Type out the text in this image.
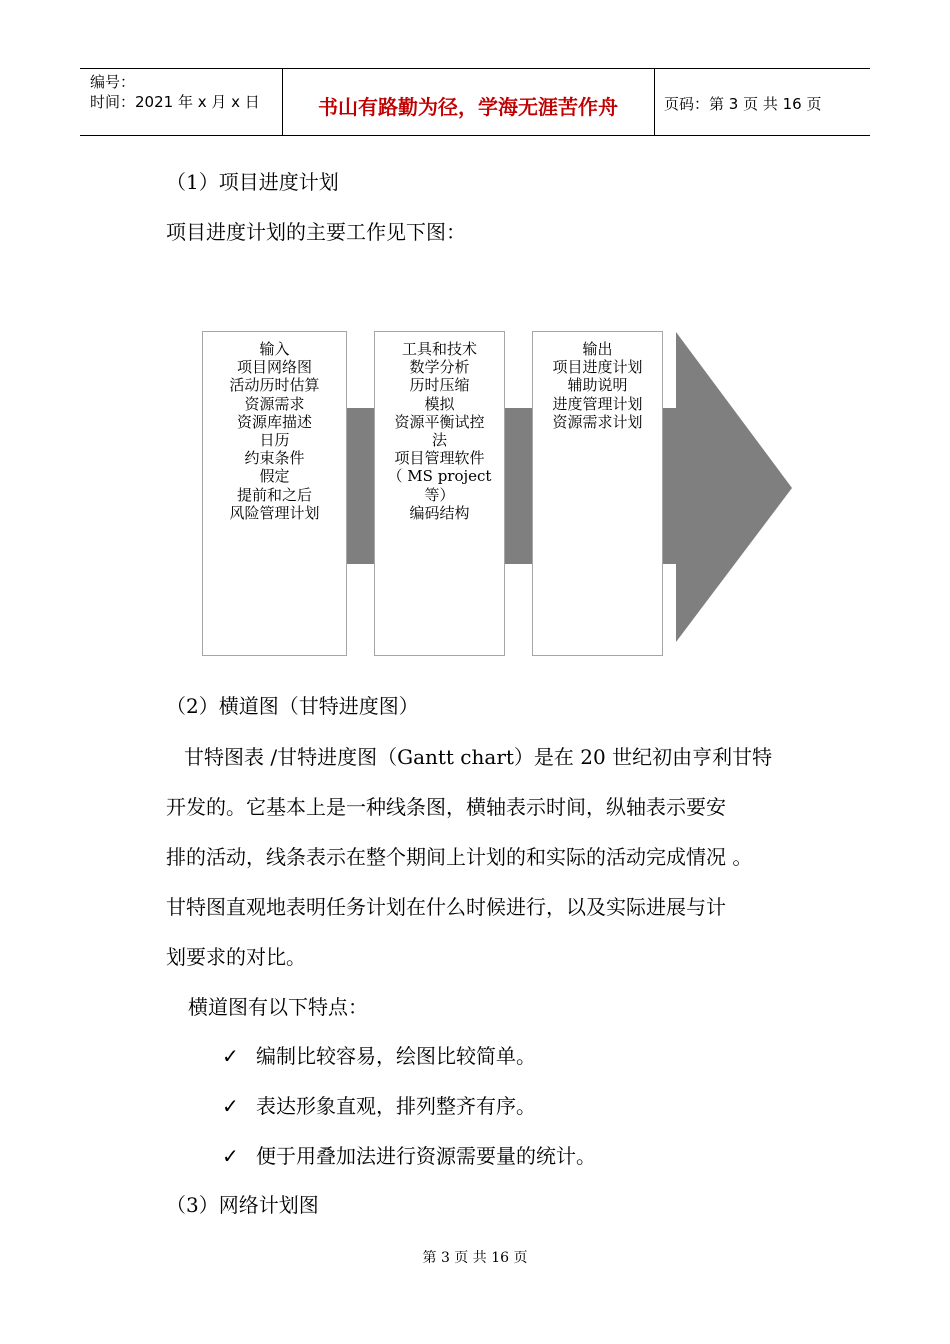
编号：
时间：2021 年 x 月 x 日	书山有路勤为径，学海无涯苦作舟	页码：第 3 页 共 16 页
（1）项目进度计划
项目进度计划的主要工作见下图：
输入
项目网络图
活动历时估算
资源需求
资源库描述
日历
约束条件
假定
提前和之后
风险管理计划
工具和技术
数学分析
历时压缩
模拟
资源平衡试控
法
项目管理软件
（ MS project
等）
编码结构
输出
项目进度计划
辅助说明
进度管理计划
资源需求计划
（2）横道图（甘特进度图）
甘特图表 /甘特进度图（Gantt chart）是在 20 世纪初由亨利甘特
开发的。它基本上是一种线条图，横轴表示时间，纵轴表示要安
排的活动，线条表示在整个期间上计划的和实际的活动完成情况 。
甘特图直观地表明任务计划在什么时候进行，以及实际进展与计
划要求的对比。
横道图有以下特点：
✓ 编制比较容易，绘图比较简单。
✓ 表达形象直观，排列整齐有序。
✓ 便于用叠加法进行资源需要量的统计。
（3）网络计划图
第 3 页 共 16 页
